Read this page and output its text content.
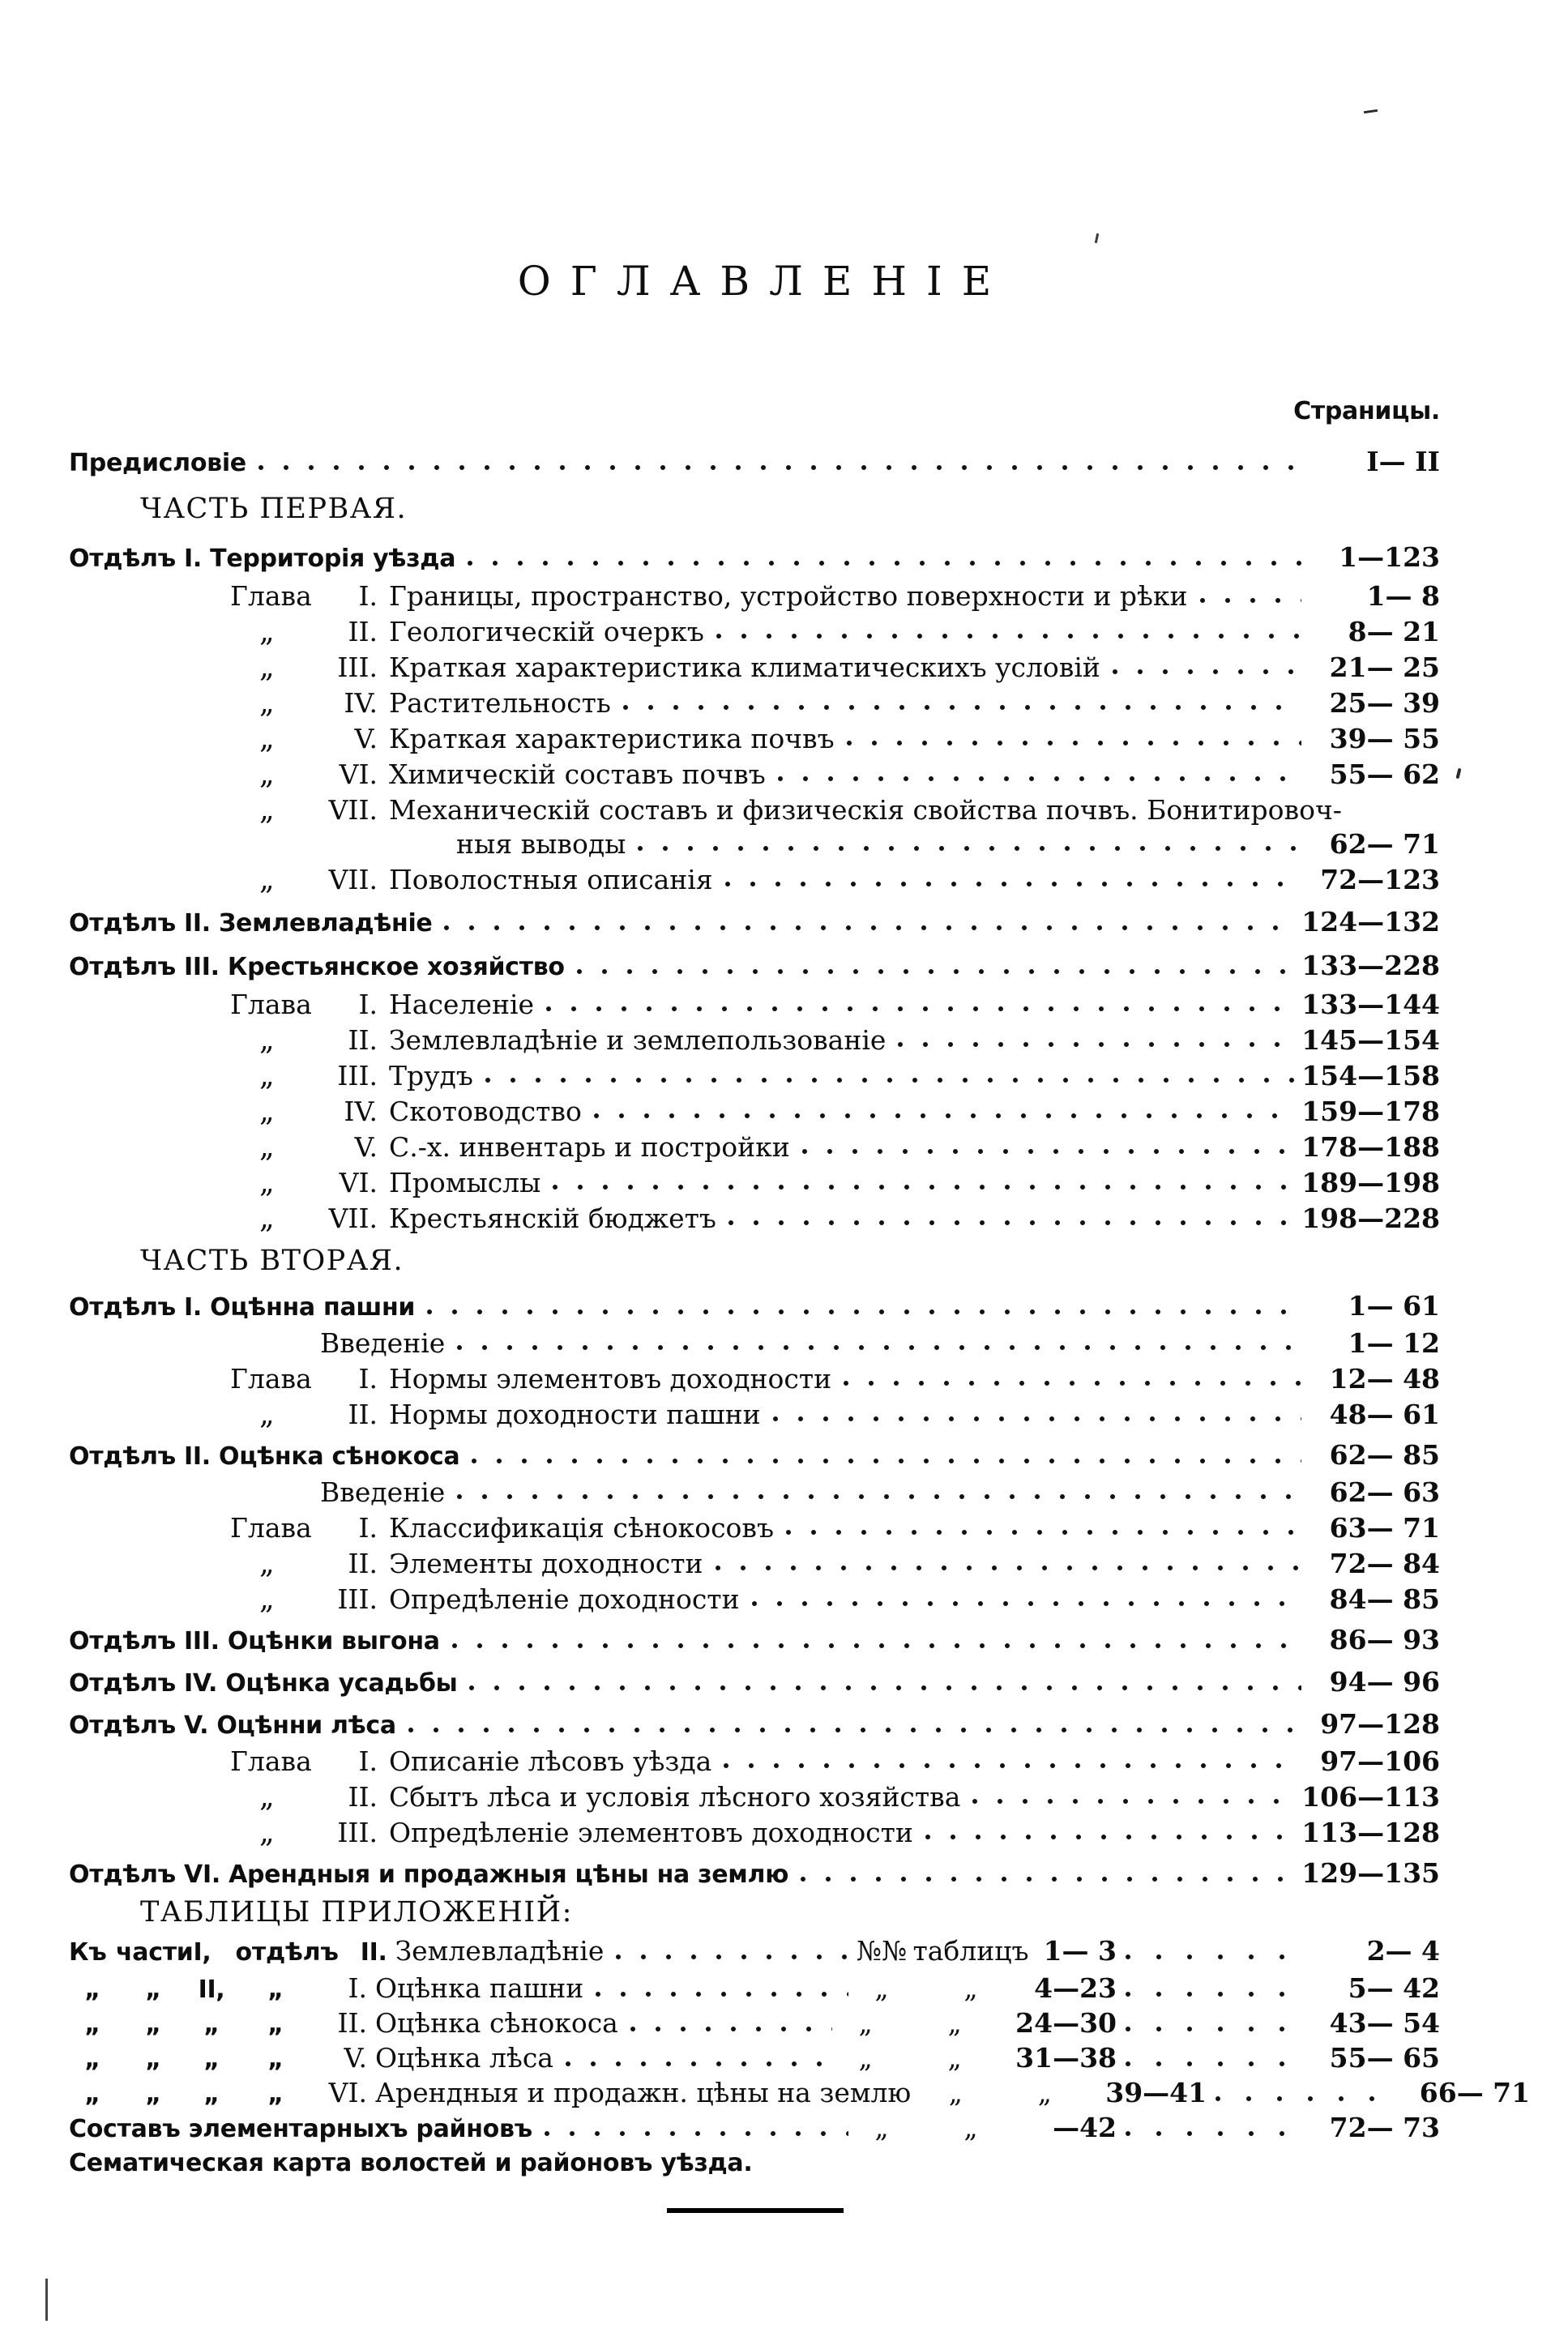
ОГЛАВЛЕНІЕ
Страницы.
Предисловіе	I— II
ЧАСТЬ ПЕРВАЯ.
Отдѣлъ I. Территорія уѣзда	1—123
Глава	I. Границы, пространство, устройство поверхности и рѣки	1— 8
„	II. Геологическій очеркъ	8— 21
„	III. Краткая характеристика климатическихъ условій	21— 25
„	IV. Растительность	25— 39
„	V. Краткая характеристика почвъ	39— 55
„	VI. Химическій составъ почвъ	55— 62
„	VII. Механическій составъ и физическія свойства почвъ. Бонитировоч-
ныя выводы	62— 71
„	VII. Поволостныя описанія	72—123
Отдѣлъ II. Землевладѣніе	124—132
Отдѣлъ III. Крестьянское хозяйство	133—228
Глава	I. Населеніе	133—144
„	II. Землевладѣніе и землепользованіе	145—154
„	III. Трудъ	154—158
„	IV. Скотоводство	159—178
„	V. С.-х. инвентарь и постройки	178—188
„	VI. Промыслы	189—198
„	VII. Крестьянскій бюджетъ	198—228
ЧАСТЬ ВТОРАЯ.
Отдѣлъ I. Оцѣнна пашни	1— 61
Введеніе	1— 12
Глава	I. Нормы элементовъ доходности	12— 48
„	II. Нормы доходности пашни	48— 61
Отдѣлъ II. Оцѣнка сѣнокоса	62— 85
Введеніе	62— 63
Глава	I. Классификація сѣнокосовъ	63— 71
„	II. Элементы доходности	72— 84
„	III. Опредѣленіе доходности	84— 85
Отдѣлъ III. Оцѣнки выгона	86— 93
Отдѣлъ IV. Оцѣнка усадьбы	94— 96
Отдѣлъ V. Оцѣнни лѣса	97—128
Глава	I. Описаніе лѣсовъ уѣзда	97—106
„	II. Сбытъ лѣса и условія лѣсного хозяйства	106—113
„	III. Опредѣленіе элементовъ доходности	113—128
Отдѣлъ VI. Арендныя и продажныя цѣны на землю	129—135
ТАБЛИЦЫ ПРИЛОЖЕНІЙ:
Къ части I,	отдѣлъ II. Землевладѣніе	№№ таблицъ 1— 3	2— 4
„	„	II,	„	I. Оцѣнка пашни	„	„	4—23	5— 42
„	„	„	„	II. Оцѣнка сѣнокоса	„	„	24—30	43— 54
„	„	„	„	V. Оцѣнка лѣса	„	„	31—38	55— 65
„	„	„	„	VI. Арендныя и продажн. цѣны на землю	„	„	39—41	66— 71
Составъ элементарныхъ райновъ	„	„	—42	72— 73
Сематическая карта волостей и районовъ уѣзда.
